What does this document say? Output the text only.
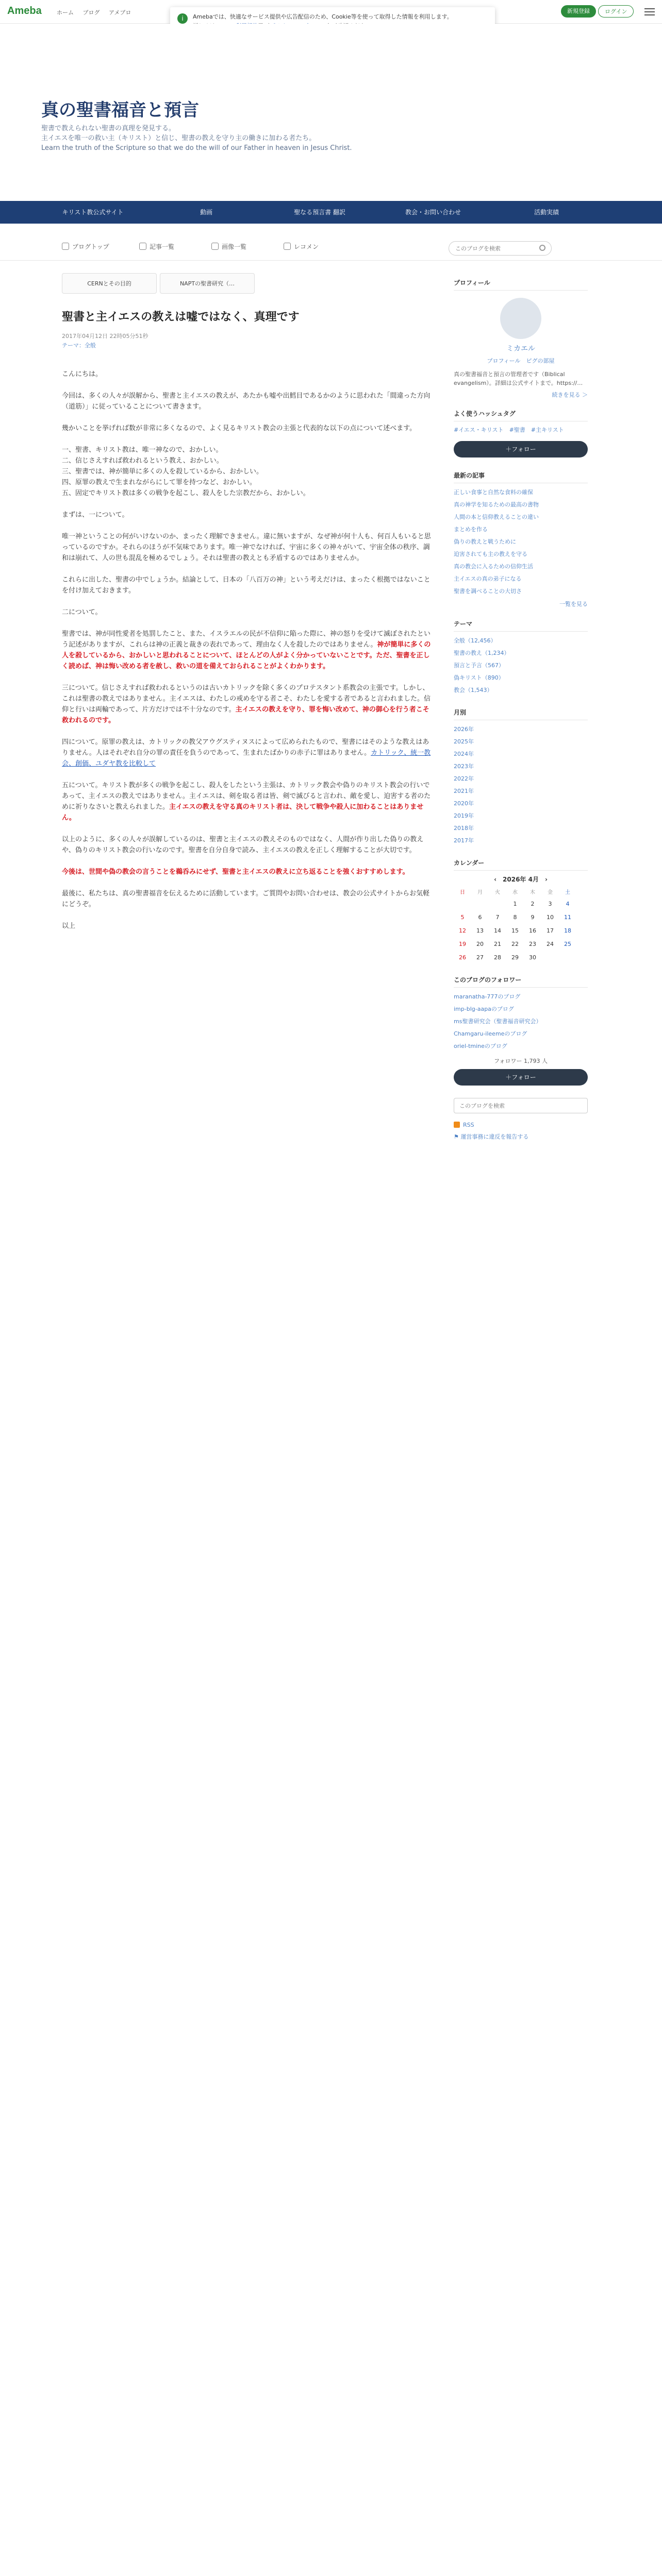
Ameba	ホーム ブログ アメブロ	新規登録	ログイン
i	Amebaでは、快適なサービス提供や広告配信のため、Cookie等を使って取得した情報を利用します。
真の聖書福音と預言
聖書で教えられない聖書の真理を発見する。
主イエスを唯一の救い主（キリスト）と信じ、聖書の教えを守り主の働きに加わる者たち。
Learn the truth of the Scripture so that we do the will of our Father in heaven in Jesus Christ.
キリスト教公式サイト	動画	聖なる預言書 翻訳	教会・お問い合わせ	活動実績
ブログトップ	記事一覧	画像一覧	レコメン
このブログを検索
CERNとその目的	NAPTの聖書研究（…
聖書と主イエスの教えは嘘ではなく、真理です
2017年04月12日 22時05分51秒
テーマ：全般

こんにちは。

今回は、多くの人々が誤解から、聖書と主イエスの教えが、あたかも嘘や出鱈目であるかのように思われた「間違った方向（道筋）」に従っていることについて書きます。

幾かいことを挙げれば数が非常に多くなるので、よく見るキリスト教会の主張と代表的な以下の点について述べます。

一、聖書、キリスト教は、唯一神なので、おかしい。
二、信じさえすれば救われるという教え、おかしい。
三、聖書では、神が簡単に多くの人を殺しているから、おかしい。
四、原罪の教えで生まれながらにして罪を持つなど、おかしい。
五、固定でキリスト教は多くの戦争を起こし、殺人をした宗教だから、おかしい。

まずは、一について。

唯一神ということの何がいけないのか、まったく理解できません。違に無いますが、なぜ神が何十人も、何百人もいると思っているのですか。それらのほうが不気味であります。唯一神でなければ、宇宙に多くの神々がいて、宇宙全体の秩序、調和は崩れて、人の世も混乱を極めるでしょう。それは聖書の教えとも矛盾するのではありませんか。

これらに出した、聖書の中でしょうか。結論として、日本の「八百万の神」という考えだけは、まったく根拠ではないことを付け加えておきます。

二について。

聖書では、神が同性愛者を処罰したこと、また、イスラエルの民が不信仰に陥った際に、神の怒りを受けて滅ぼされたという記述がありますが、これらは神の正義と裁きの表れであって、理由なく人を殺したのではありません。神が簡単に多くの人を殺しているから、おかしいと思われることについて、ほとんどの人がよく分かっていないことです。ただ、聖書を正しく読めば、神は悔い改める者を赦し、救いの道を備えておられることがよくわかります。

三について。信じさえすれば救われるというのは古いカトリックを除く多くのプロテスタント系教会の主張です。しかし、これは聖書の教えではありません。主イエスは、わたしの戒めを守る者こそ、わたしを愛する者であると言われました。信仰と行いは両輪であって、片方だけでは不十分なのです。主イエスの教えを守り、罪を悔い改めて、神の御心を行う者こそ救われるのです。

四について。原罪の教えは、カトリックの教父アウグスティヌスによって広められたもので、聖書にはそのような教えはありません。人はそれぞれ自分の罪の責任を負うのであって、生まれたばかりの赤子に罪はありません。カトリック、統一教会、創価、ユダヤ教を比較して

五について。キリスト教が多くの戦争を起こし、殺人をしたという主張は、カトリック教会や偽りのキリスト教会の行いであって、主イエスの教えではありません。主イエスは、剣を取る者は皆、剣で滅びると言われ、敵を愛し、迫害する者のために祈りなさいと教えられました。主イエスの教えを守る真のキリスト者は、決して戦争や殺人に加わることはありません。

以上のように、多くの人々が誤解しているのは、聖書と主イエスの教えそのものではなく、人間が作り出した偽りの教えや、偽りのキリスト教会の行いなのです。聖書を自分自身で読み、主イエスの教えを正しく理解することが大切です。

今後は、世間や偽の教会の言うことを鵜呑みにせず、聖書と主イエスの教えに立ち返ることを強くおすすめします。

最後に、私たちは、真の聖書福音を伝えるために活動しています。ご質問やお問い合わせは、教会の公式サイトからお気軽にどうぞ。

以上

プロフィール
ミカエル
プロフィール　 ピグの部屋
真の聖書福音と預言の管理者です（Biblical evangelism）。詳細は公式サイトまで。https://…
続きを見る ＞
よく使うハッシュタグ
#イエス・キリスト　 #聖書　 #主キリスト
＋フォロー
最新の記事
正しい食事と自然な食料の確保
真の神学を知るための最高の書物
人間の本と信仰教えることの違い
まとめを作る
偽りの教えと戦うために
迫害されても主の教えを守る
真の教会に入るための信仰生活
主イエスの真の弟子になる
聖書を調べることの大切さ
一覧を見る
テーマ
全般（12,456）
聖書の教え（1,234）
預言と予言（567）
偽キリスト（890）
教会（1,543）
月別
2026年
2025年
2024年
2023年
2022年
2021年
2020年
2019年
2018年
2017年
カレンダー
‹　2026年 4月　›
日	月	火	水	木	金	土
			1	2	3	4
5	6	7	8	9	10	11
12	13	14	15	16	17	18
19	20	21	22	23	24	25
26	27	28	29	30		
このブログのフォロワー
maranatha-777のブログ
imp-blg-aapaのブログ
ms聖書研究会（聖書福音研究会）
Chamgaru-ileemeのブログ
oriel-tmineのブログ
フォロワー 1,793 人
＋フォロー
このブログを検索
RSS
⚑ 運営事務に違反を報告する
